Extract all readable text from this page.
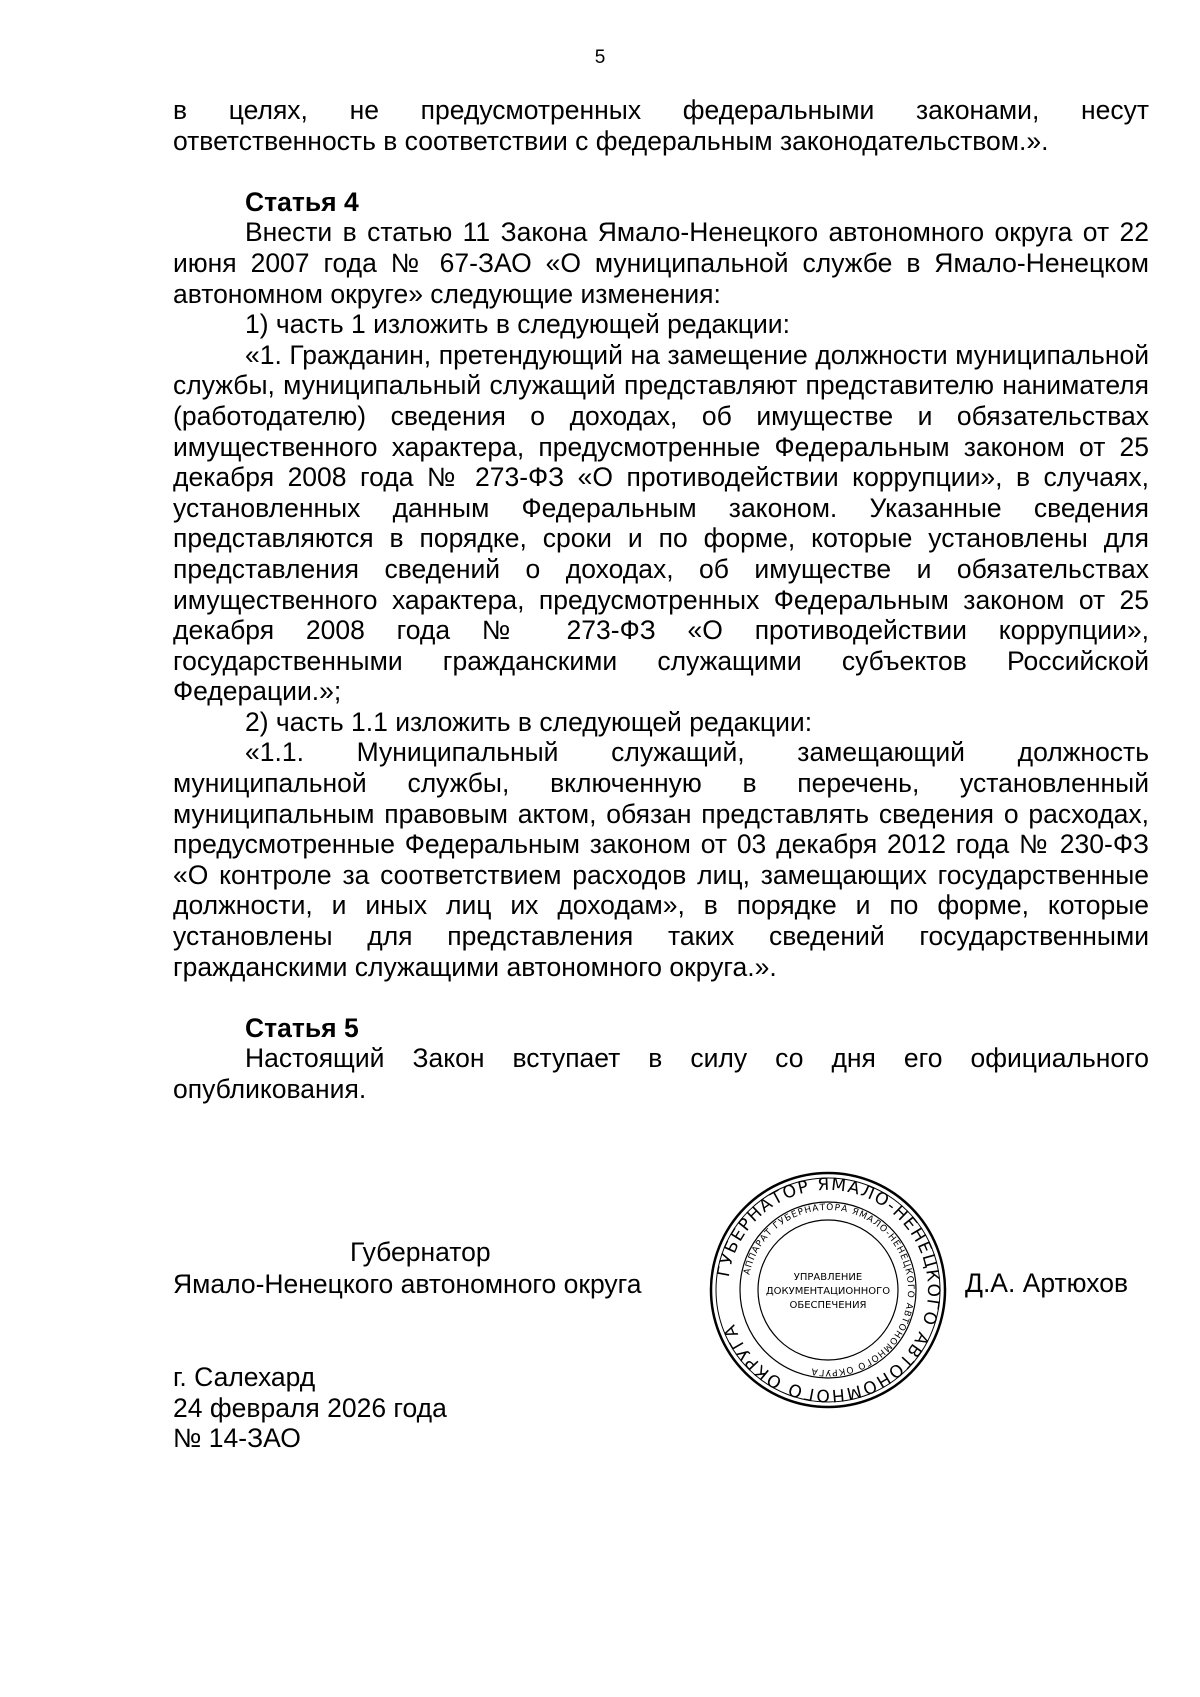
5

в целях, не предусмотренных федеральными законами, несут ответственность в соответствии с федеральным законодательством.».

Статья 4

Внести в статью 11 Закона Ямало-Ненецкого автономного округа от 22 июня 2007 года № 67-ЗАО «О муниципальной службе в Ямало-Ненецком автономном округе» следующие изменения:

1) часть 1 изложить в следующей редакции:

«1. Гражданин, претендующий на замещение должности муниципальной службы, муниципальный служащий представляют представителю нанимателя (работодателю) сведения о доходах, об имуществе и обязательствах имущественного характера, предусмотренные Федеральным законом от 25 декабря 2008 года № 273-ФЗ «О противодействии коррупции», в случаях, установленных данным Федеральным законом. Указанные сведения представляются в порядке, сроки и по форме, которые установлены для представления сведений о доходах, об имуществе и обязательствах имущественного характера, предусмотренных Федеральным законом от 25 декабря 2008 года № 273-ФЗ «О противодействии коррупции», государственными гражданскими служащими субъектов Российской Федерации.»;

2) часть 1.1 изложить в следующей редакции:

«1.1. Муниципальный служащий, замещающий должность муниципальной службы, включенную в перечень, установленный муниципальным правовым актом, обязан представлять сведения о расходах, предусмотренные Федеральным законом от 03 декабря 2012 года № 230-ФЗ «О контроле за соответствием расходов лиц, замещающих государственные должности, и иных лиц их доходам», в порядке и по форме, которые установлены для представления таких сведений государственными гражданскими служащими автономного округа.».

Статья 5

Настоящий Закон вступает в силу со дня его официального опубликования.

Губернатор
Ямало-Ненецкого автономного округа	Д.А. Артюхов
г. Салехард
24 февраля 2026 года
№ 14-ЗАО
ГУБЕРНАТОР ЯМАЛО-НЕНЕЦКОГО АВТОНОМНОГО ОКРУГА
АППАРАТ ГУБЕРНАТОРА ЯМАЛО-НЕНЕЦКОГО АВТОНОМНОГО ОКРУГА
УПРАВЛЕНИЕ
ДОКУМЕНТАЦИОННОГО
ОБЕСПЕЧЕНИЯ
